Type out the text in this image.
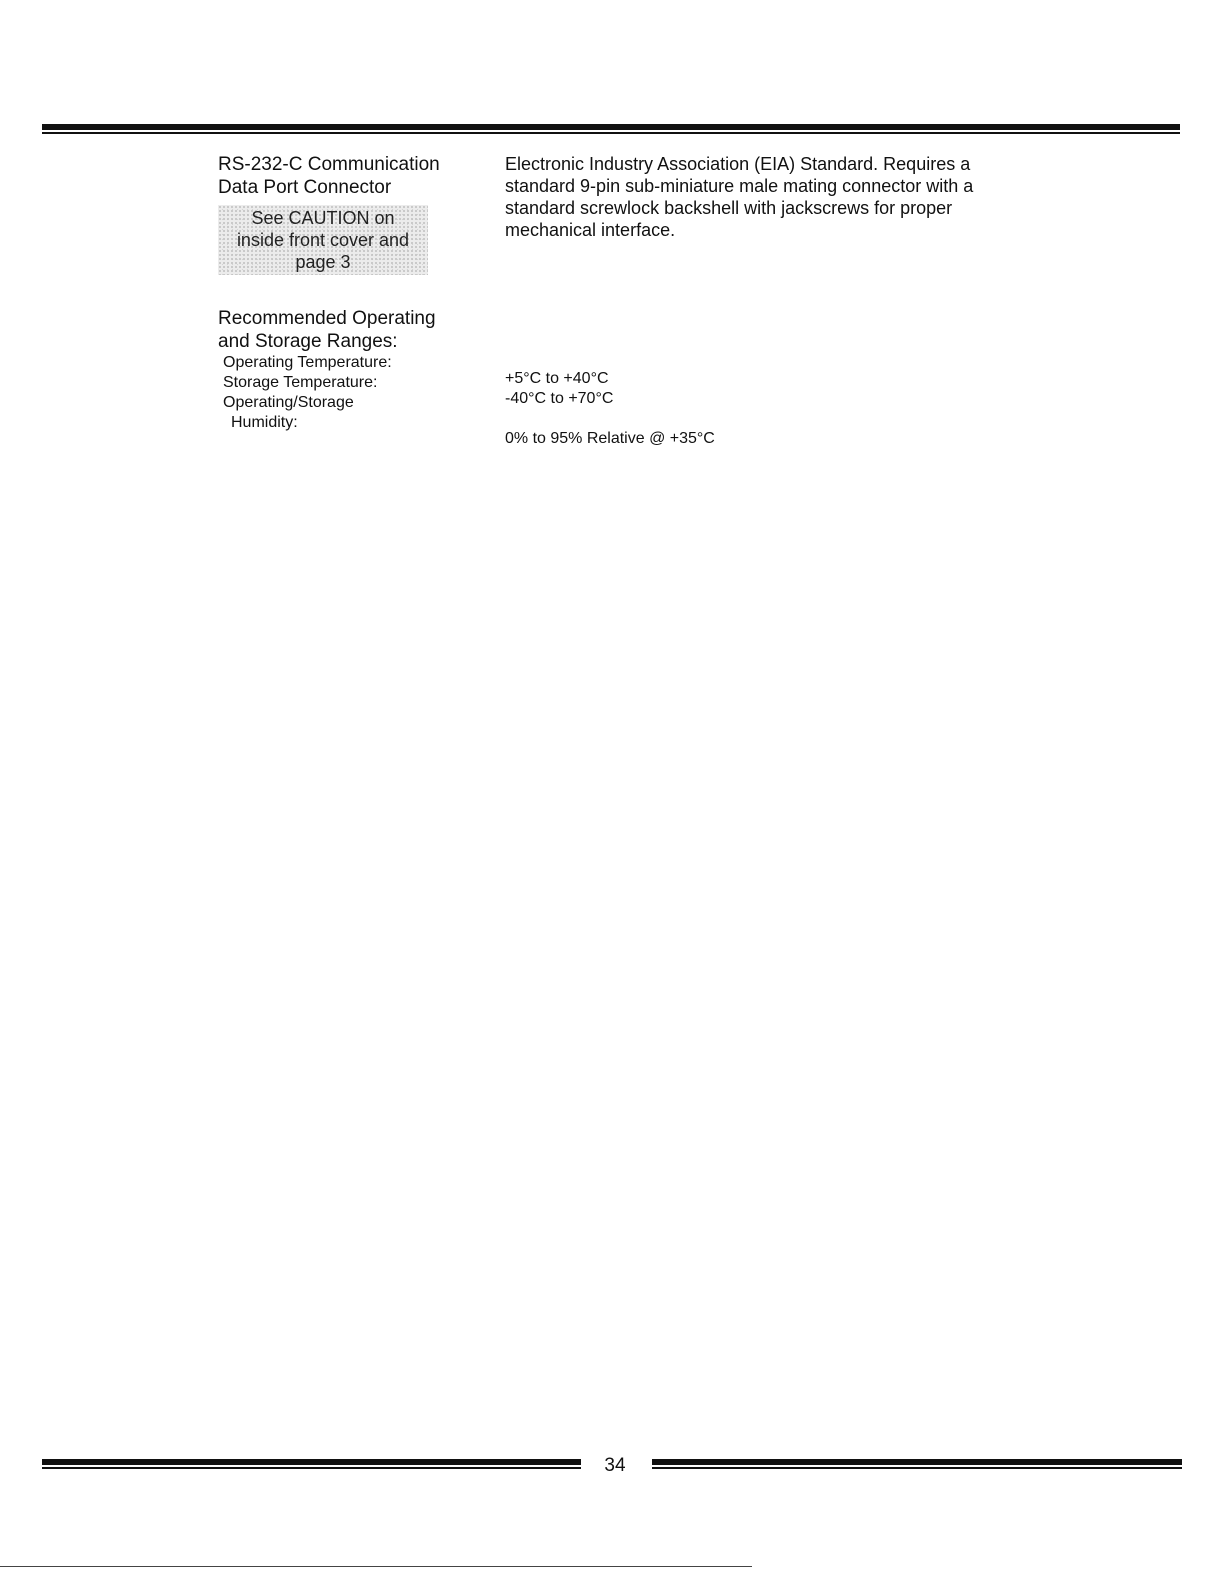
RS-232-C Communication
Data Port Connector

See CAUTION on
inside front cover and
page 3

Electronic Industry Association (EIA) Standard. Requires a standard 9-pin sub-miniature male mating connector with a standard screwlock backshell with jackscrews for proper mechanical interface.

Recommended Operating
and Storage Ranges:

Operating Temperature:

Storage Temperature:

Operating/Storage

Humidity:

+5°C to +40°C
-40°C to +70°C
0% to 95% Relative @ +35°C
34
